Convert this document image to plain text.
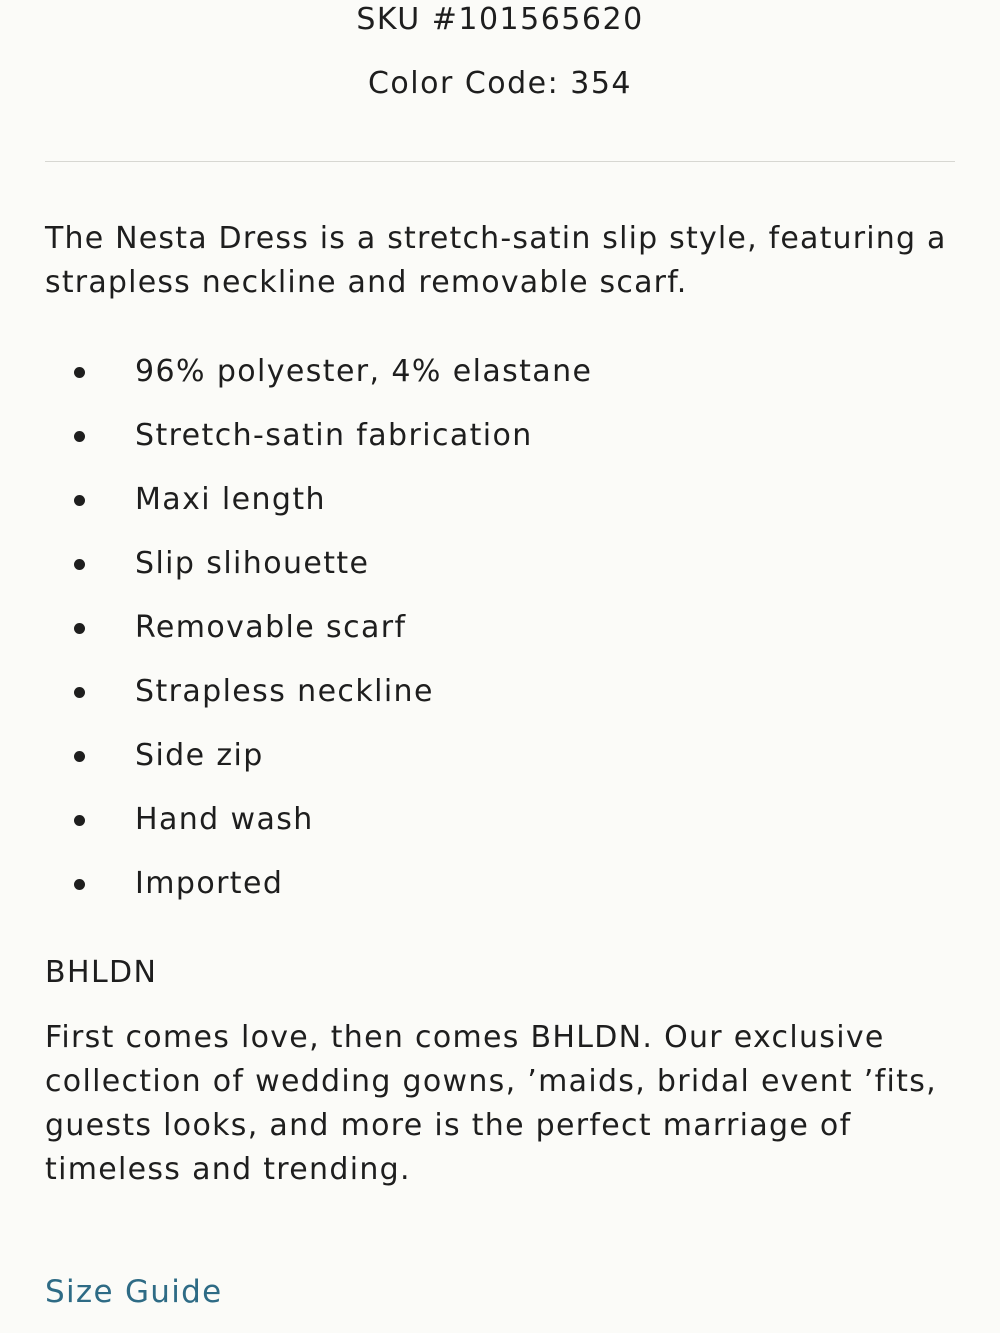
SKU #101565620
Color Code: 354

The Nesta Dress is a stretch-satin slip style, featuring a strapless neckline and removable scarf.

96% polyester, 4% elastane
Stretch-satin fabrication
Maxi length
Slip slihouette
Removable scarf
Strapless neckline
Side zip
Hand wash
Imported
BHLDN

First comes love, then comes BHLDN. Our exclusive collection of wedding gowns, ’maids, bridal event ’fits, guests looks, and more is the perfect marriage of timeless and trending.

Size Guide
